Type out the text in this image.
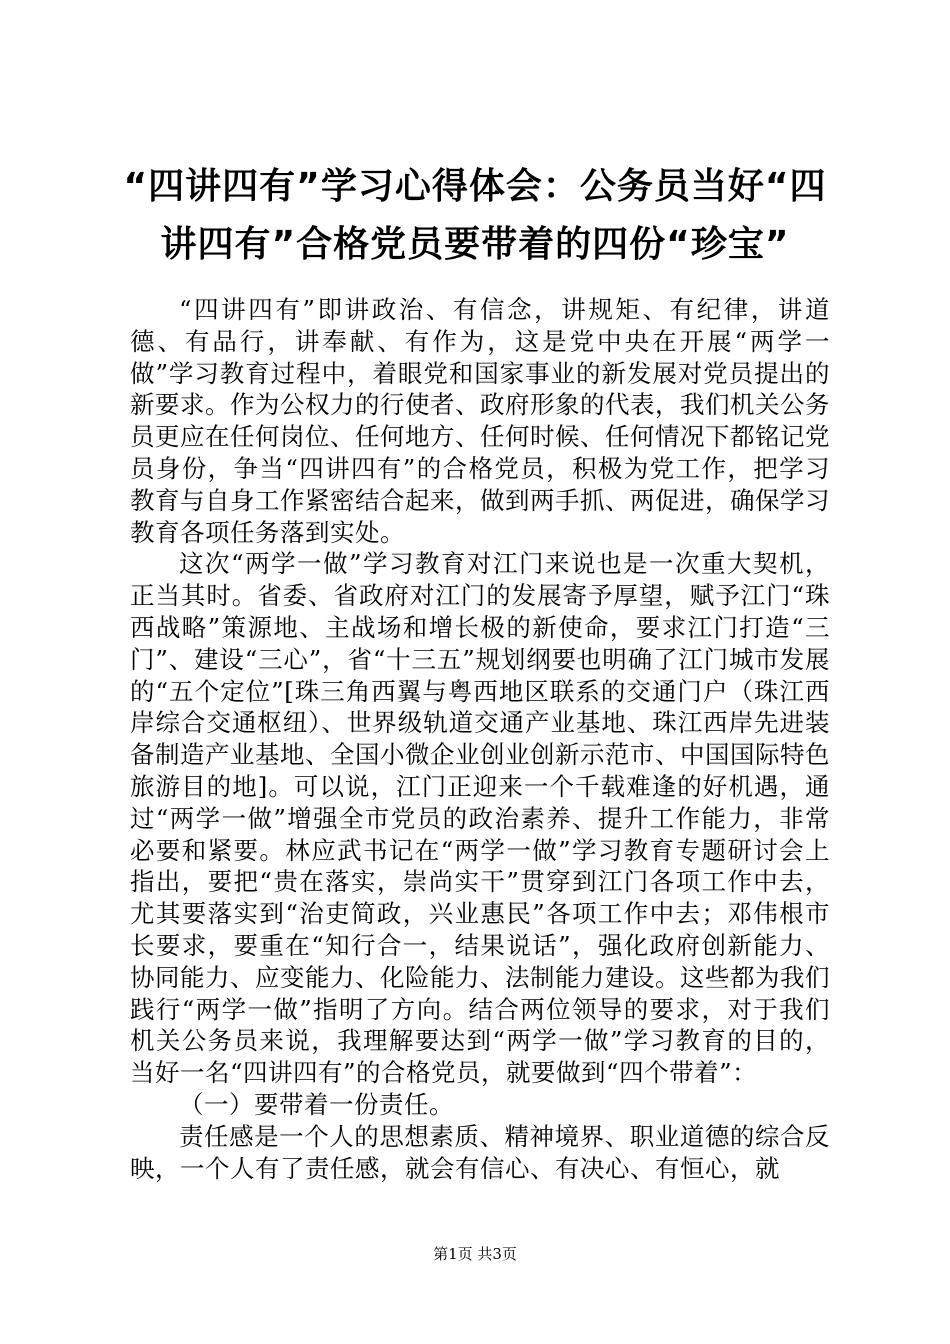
“四讲四有”学习心得体会：公务员当好“四讲四有”合格党员要带着的四份“珍宝”

“四讲四有”即讲政治、有信念，讲规矩、有纪律，讲道德、有品行，讲奉献、有作为，这是党中央在开展“两学一做”学习教育过程中，着眼党和国家事业的新发展对党员提出的新要求。作为公权力的行使者、政府形象的代表，我们机关公务员更应在任何岗位、任何地方、任何时候、任何情况下都铭记党员身份，争当“四讲四有”的合格党员，积极为党工作，把学习教育与自身工作紧密结合起来，做到两手抓、两促进，确保学习教育各项任务落到实处。

这次“两学一做”学习教育对江门来说也是一次重大契机，正当其时。省委、省政府对江门的发展寄予厚望，赋予江门“珠西战略”策源地、主战场和增长极的新使命，要求江门打造“三门”、建设“三心”，省“十三五”规划纲要也明确了江门城市发展的“五个定位”[珠三角西翼与粤西地区联系的交通门户（珠江西岸综合交通枢纽）、世界级轨道交通产业基地、珠江西岸先进装备制造产业基地、全国小微企业创业创新示范市、中国国际特色旅游目的地]。可以说，江门正迎来一个千载难逢的好机遇，通过“两学一做”增强全市党员的政治素养、提升工作能力，非常必要和紧要。林应武书记在“两学一做”学习教育专题研讨会上指出，要把“贵在落实，崇尚实干”贯穿到江门各项工作中去，尤其要落实到“治吏简政，兴业惠民”各项工作中去；邓伟根市长要求，要重在“知行合一，结果说话”，强化政府创新能力、协同能力、应变能力、化险能力、法制能力建设。这些都为我们践行“两学一做”指明了方向。结合两位领导的要求，对于我们机关公务员来说，我理解要达到“两学一做”学习教育的目的，当好一名“四讲四有”的合格党员，就要做到“四个带着”：

（一）要带着一份责任。

责任感是一个人的思想素质、精神境界、职业道德的综合反映，一个人有了责任感，就会有信心、有决心、有恒心，就

第1页 共3页
